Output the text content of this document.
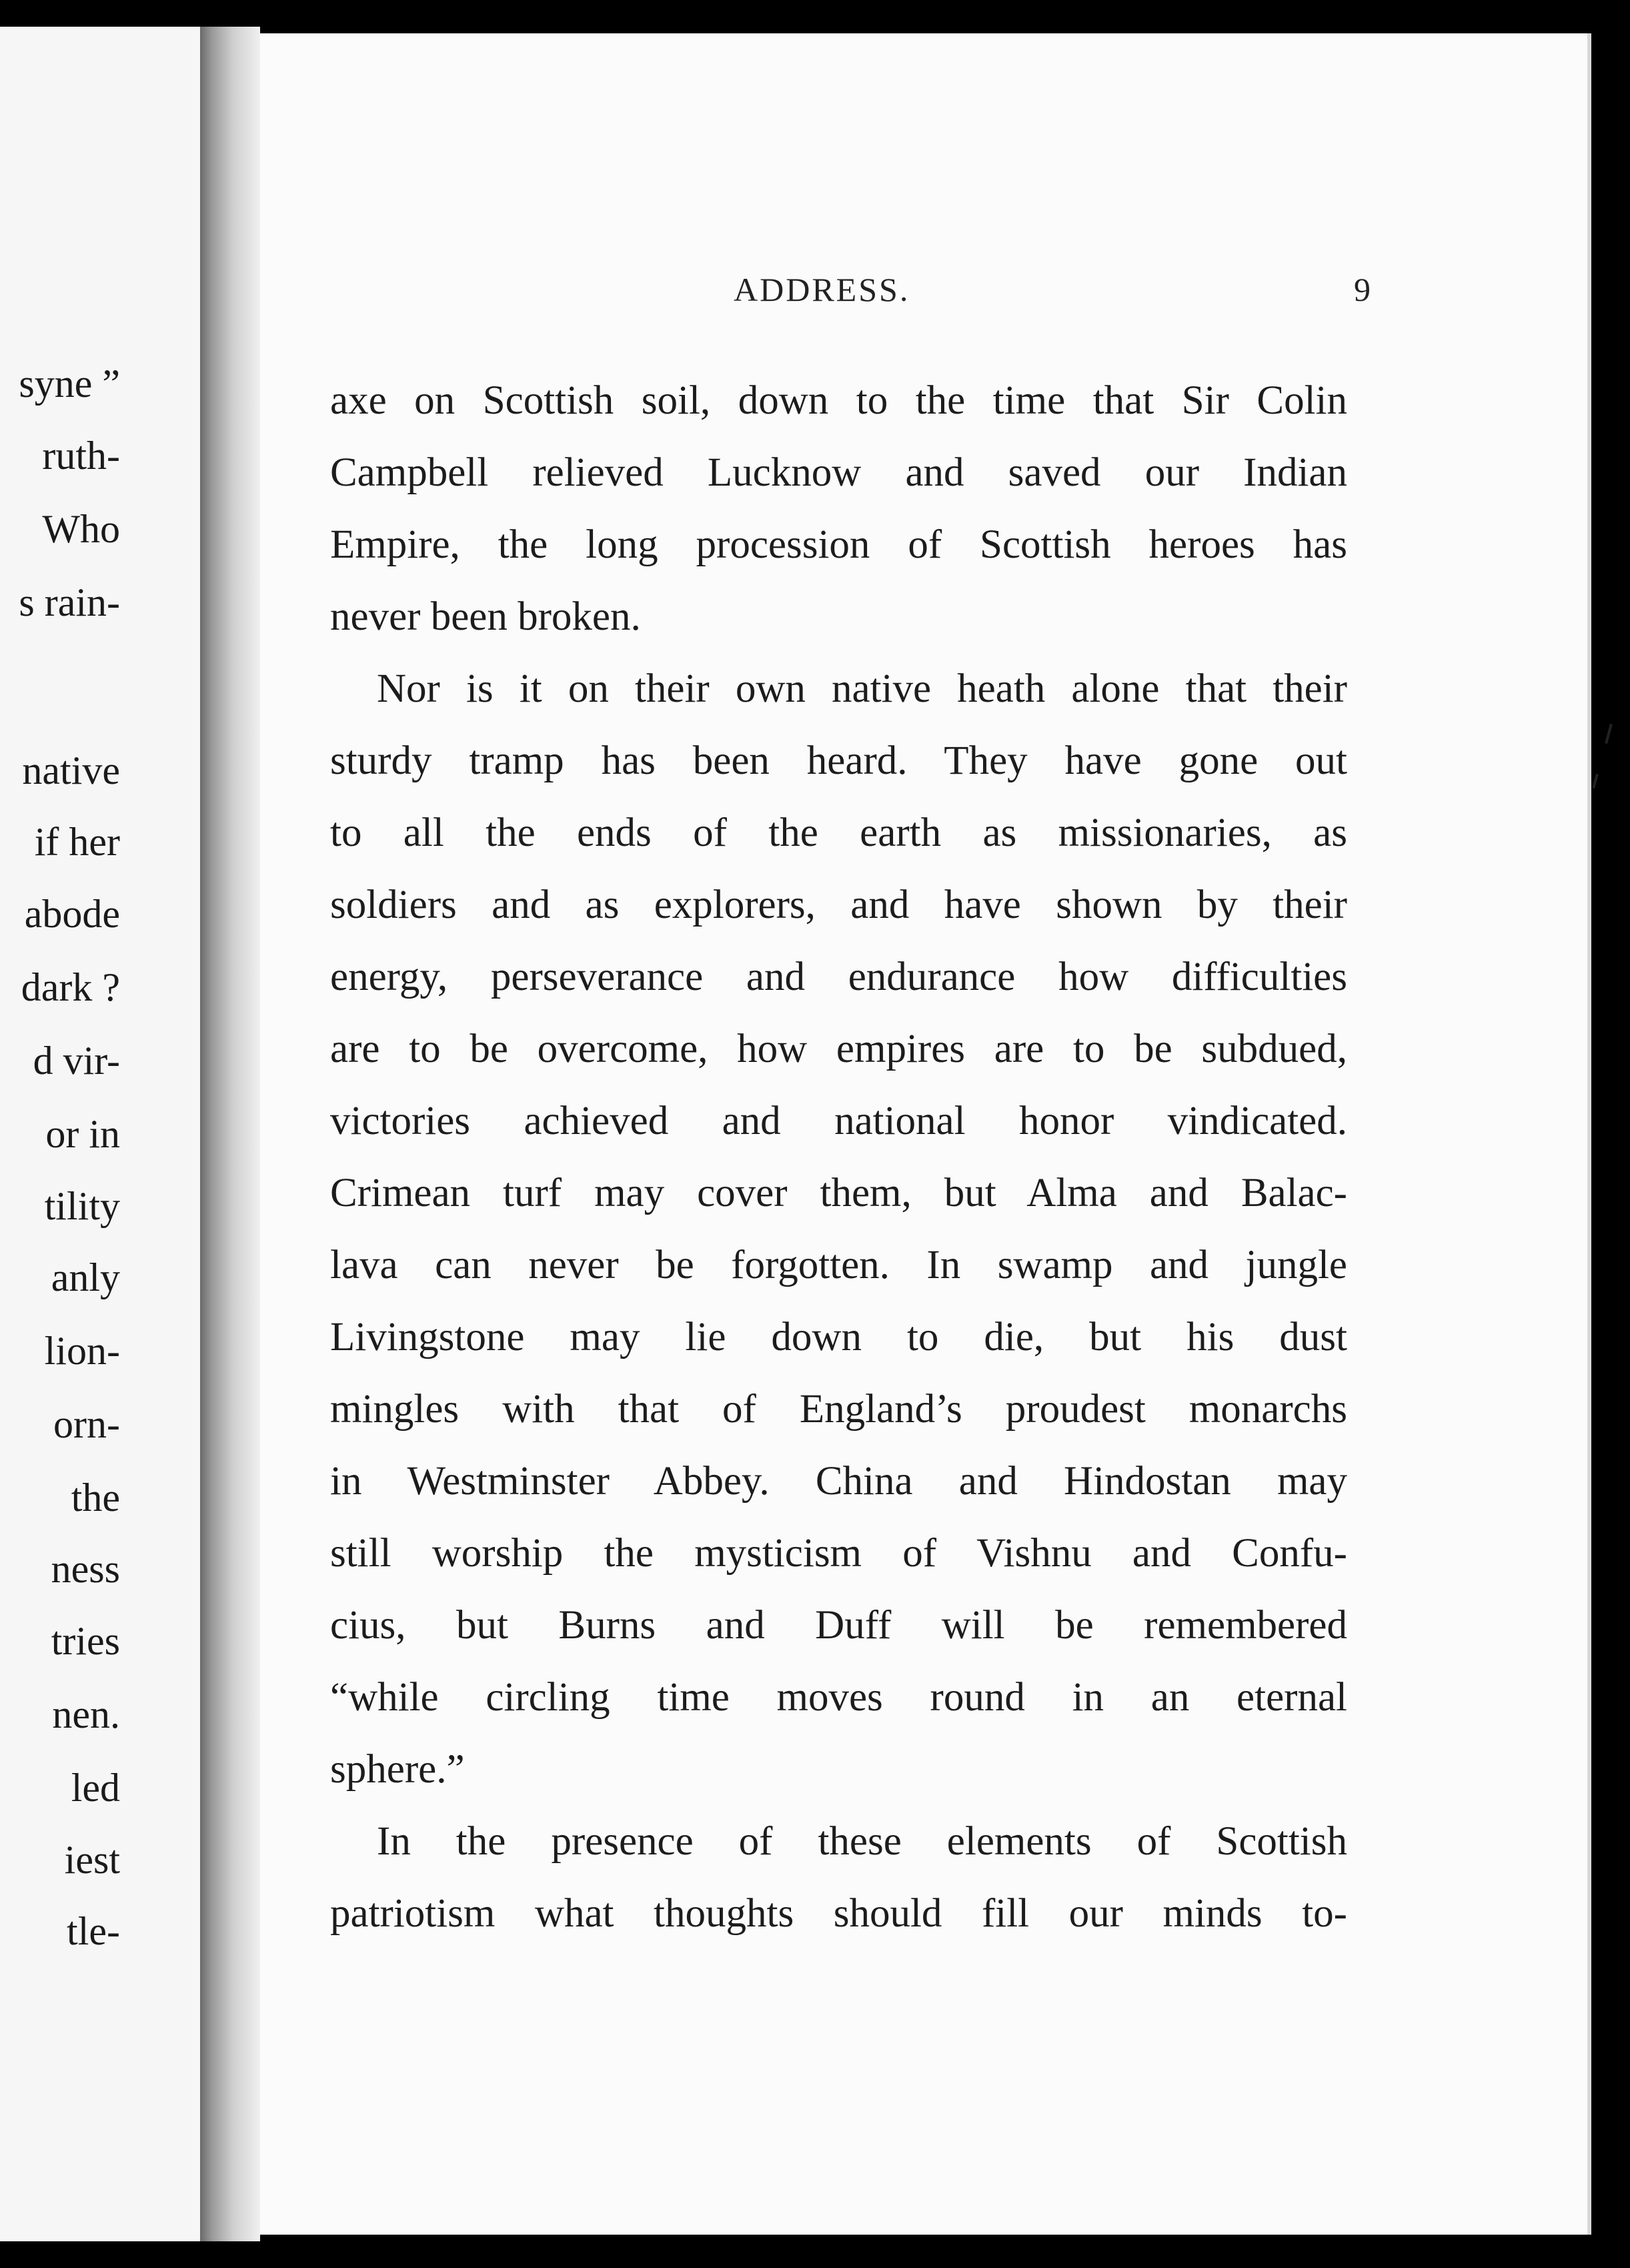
syne ”
ruth-
Who
s rain-
native
if her
abode
dark ?
d vir-
or in
tility
anly
lion-
orn-
the
ness
tries
nen.
led
iest
tle-
ADDRESS.	9
axe on Scottish soil, down to the time that Sir Colin
Campbell relieved Lucknow and saved our Indian
Empire, the long procession of Scottish heroes has
never been broken.
Nor is it on their own native heath alone that their
sturdy tramp has been heard. They have gone out
to all the ends of the earth as missionaries, as
soldiers and as explorers, and have shown by their
energy, perseverance and endurance how difficulties
are to be overcome, how empires are to be subdued,
victories achieved and national honor vindicated.
Crimean turf may cover them, but Alma and Balac-
lava can never be forgotten. In swamp and jungle
Livingstone may lie down to die, but his dust
mingles with that of England’s proudest monarchs
in Westminster Abbey. China and Hindostan may
still worship the mysticism of Vishnu and Confu-
cius, but Burns and Duff will be remembered
“while circling time moves round in an eternal
sphere.”
In the presence of these elements of Scottish
patriotism what thoughts should fill our minds to-
